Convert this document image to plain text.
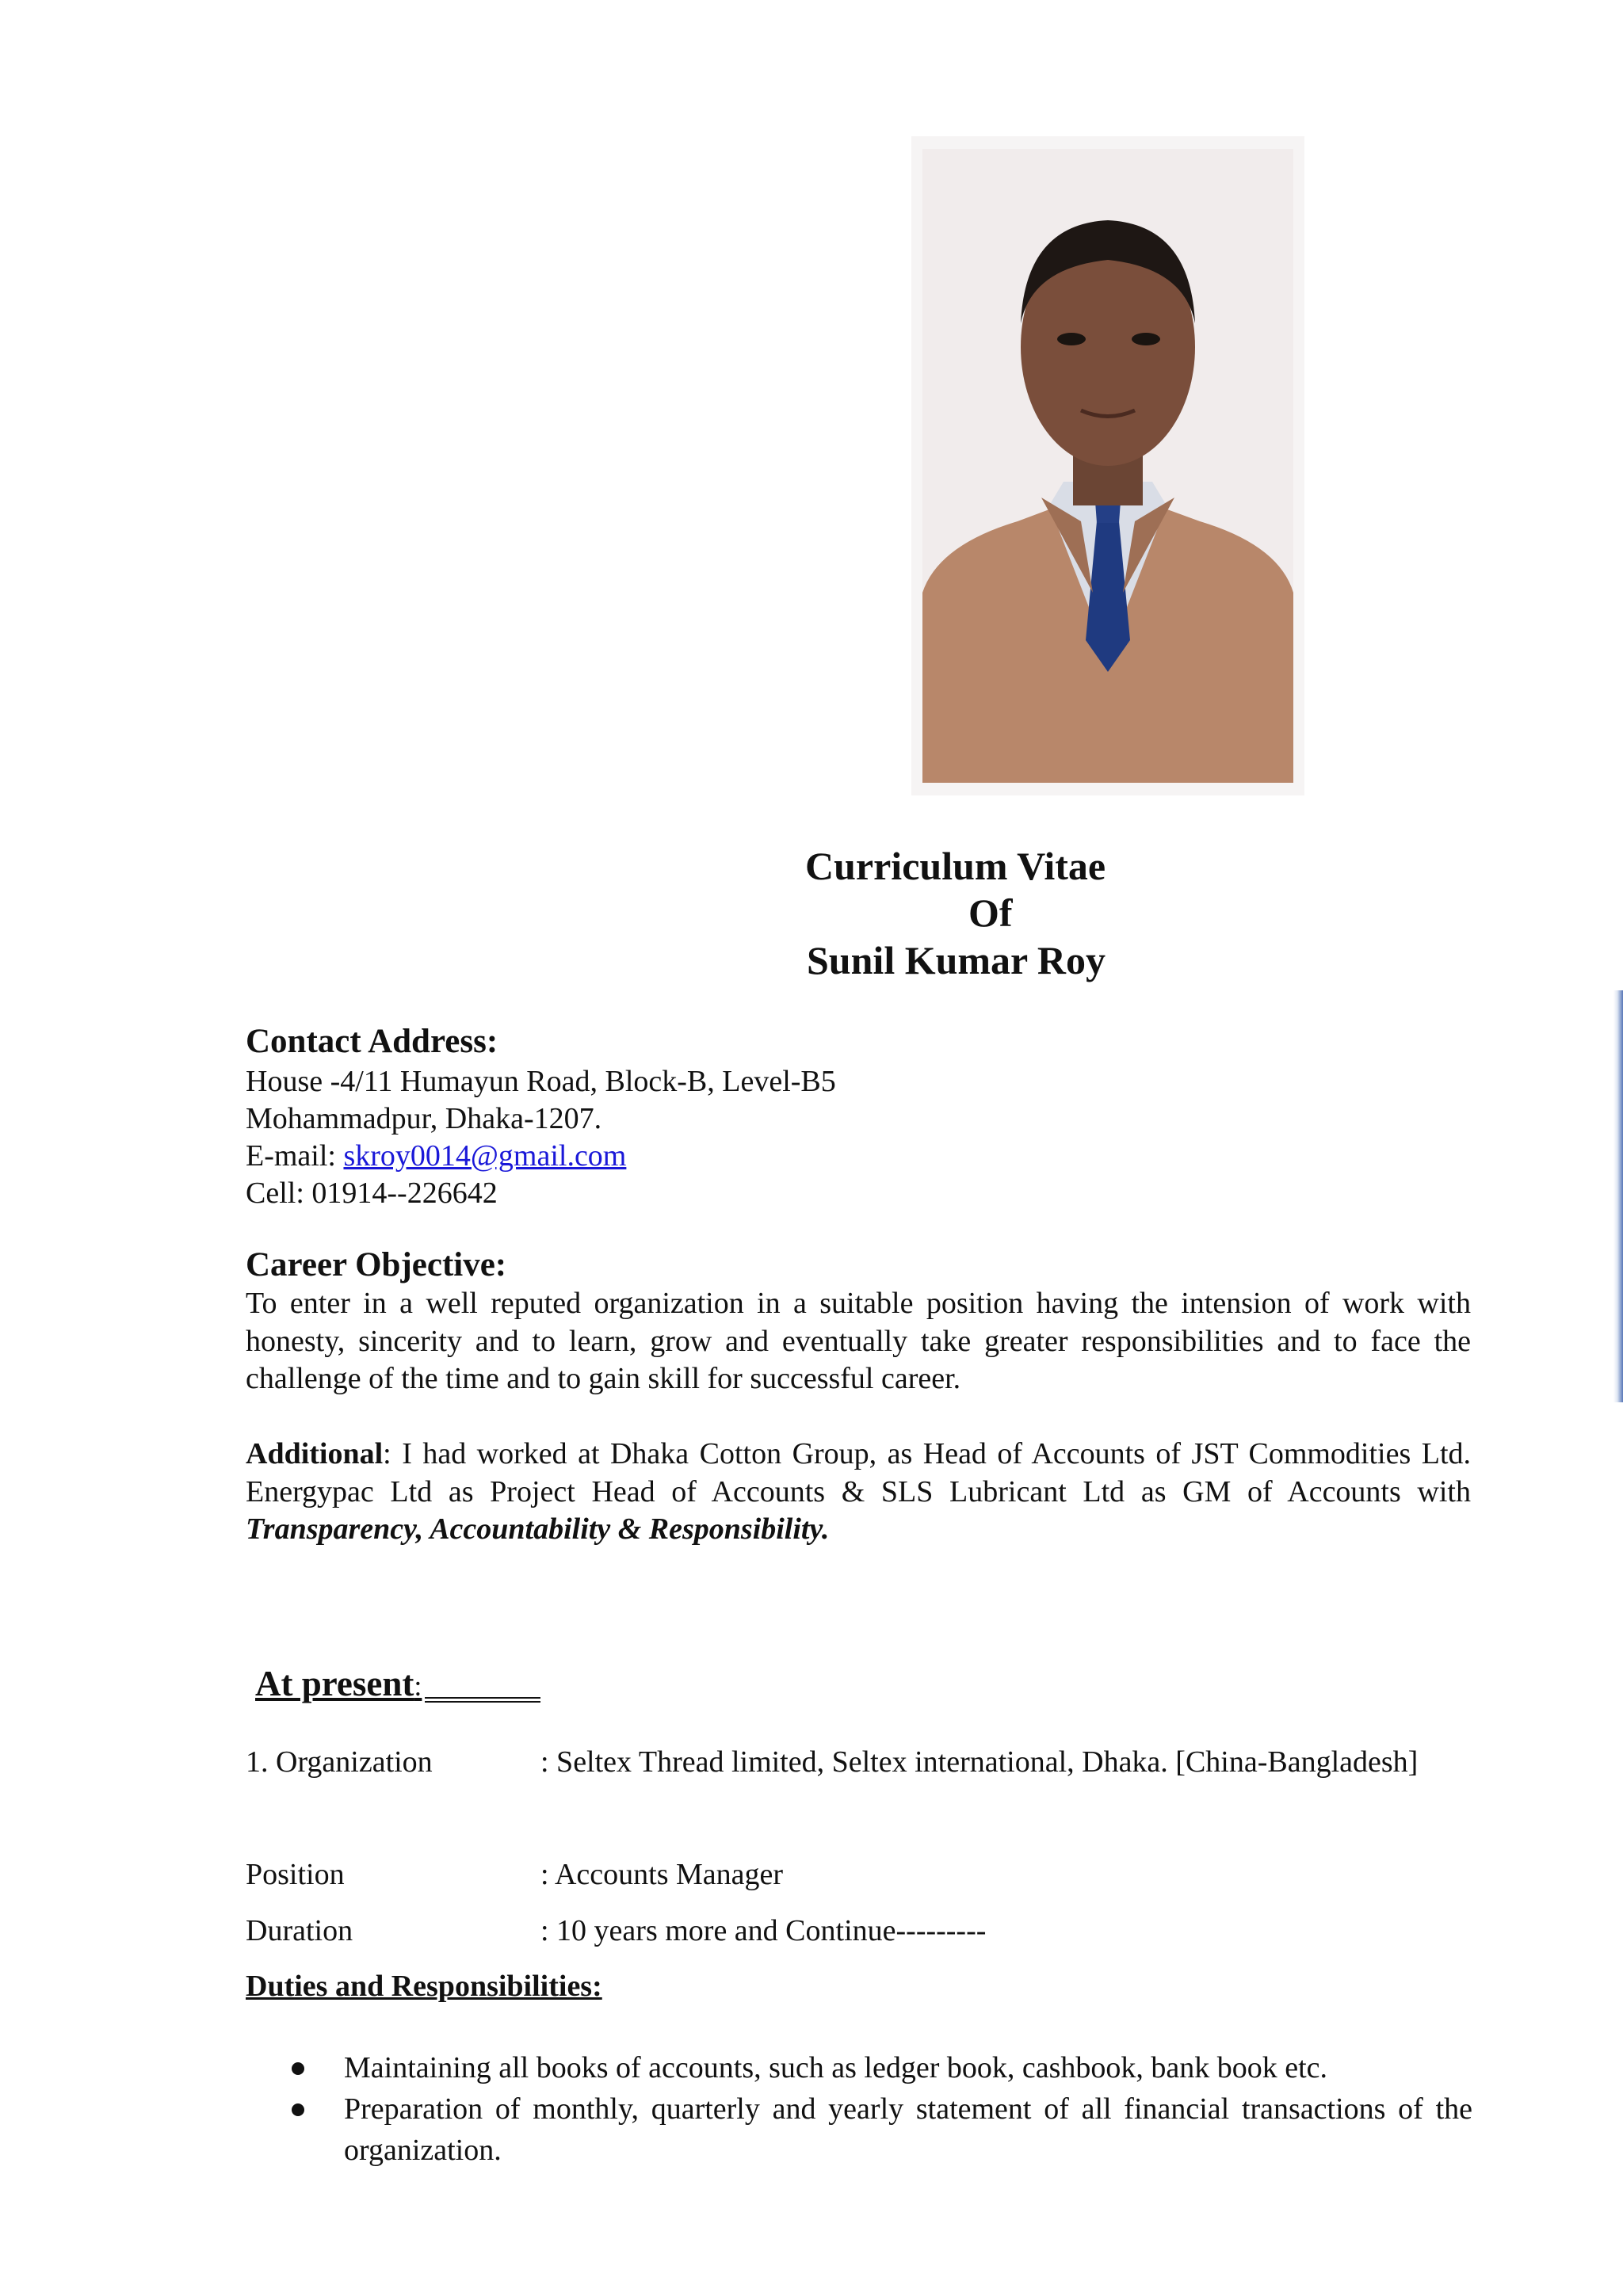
Curriculum Vitae
Of
Sunil Kumar Roy
Contact Address:
House -4/11 Humayun Road, Block-B, Level-B5
Mohammadpur, Dhaka-1207.
E-mail: skroy0014@gmail.com
Cell: 01914--226642
Career Objective:
To enter in a well reputed organization in a suitable position having the intension of work with honesty, sincerity and to learn, grow and eventually take greater responsibilities and to face the challenge of the time and to gain skill for successful career.
Additional: I had worked at Dhaka Cotton Group, as Head of Accounts of JST Commodities Ltd. Energypac Ltd as Project Head of Accounts & SLS Lubricant Ltd as GM of Accounts with Transparency, Accountability & Responsibility.
At present:
1. Organization	: Seltex Thread limited, Seltex international, Dhaka. [China-Bangladesh]
Position	: Accounts Manager
Duration	: 10 years more and Continue---------
Duties and Responsibilities:
Maintaining all books of accounts, such as ledger book, cashbook, bank book etc.
Preparation of monthly, quarterly and yearly statement of all financial transactions of the organization.
